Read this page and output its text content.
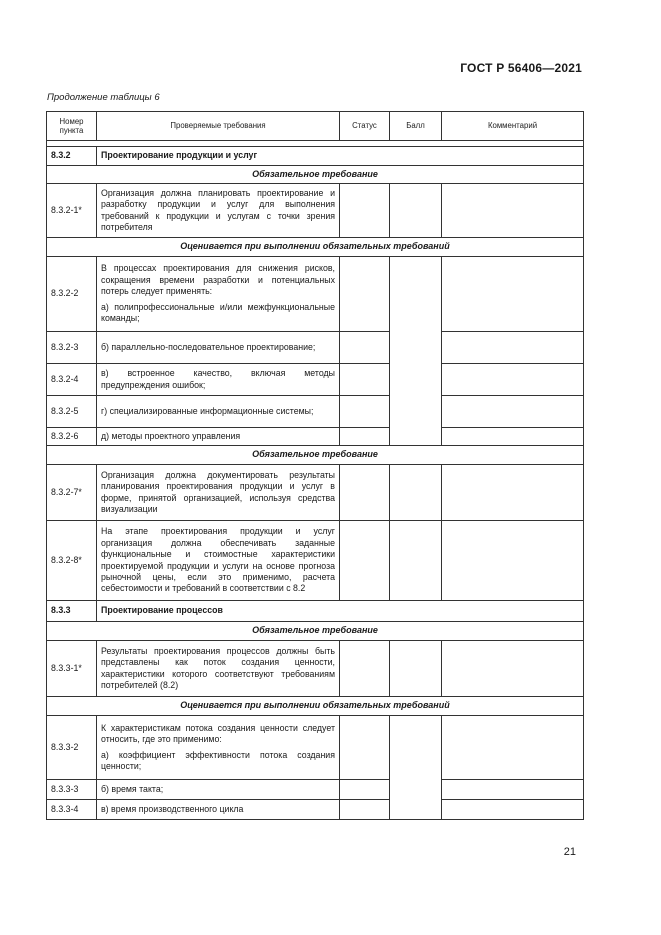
ГОСТ Р 56406—2021
Продолжение таблицы 6
Номер пункта	Проверяемые требования	Статус	Балл	Комментарий

8.3.2	Проектирование продукции и услуг			
Обязательное требование				
8.3.2-1*	Организация должна планировать проектирование и разработку продукции и услуг для выполнения требований к продукции и услугам с точки зрения потребителя			

Оценивается при выполнении обязательных требований				
8.3.2-2	В процессах проектирования для снижения рисков, сокращения времени разработки и потенциальных потерь следует применять:

а) полипрофессиональные и/или межфункциональные команды;			

8.3.2-3	б) параллельно-последовательное проектирование;			

8.3.2-4	в) встроенное качество, включая методы предупреждения ошибок;			

8.3.2-5	г) специализированные информационные системы;			

8.3.2-6	д) методы проектного управления			

Обязательное требование				
8.3.2-7*	Организация должна документировать результаты планирования проектирования продукции и услуг в форме, принятой организацией, используя средства визуализации			

8.3.2-8*	На этапе проектирования продукции и услуг организация должна обеспечивать заданные функциональные и стоимостные характеристики проектируемой продукции и услуги на основе прогноза рыночной цены, если это применимо, расчета себестоимости и требований в соответствии с 8.2			

8.3.3	Проектирование процессов			
Обязательное требование				
8.3.3-1*	Результаты проектирования процессов должны быть представлены как поток создания ценности, характеристики которого соответствуют требованиям потребителей (8.2)			

Оценивается при выполнении обязательных требований				
8.3.3-2	К характеристикам потока создания ценности следует относить, где это применимо:

а) коэффициент эффективности потока создания ценности;			

8.3.3-3	б) время такта;			

8.3.3-4	в) время производственного цикла			

21
